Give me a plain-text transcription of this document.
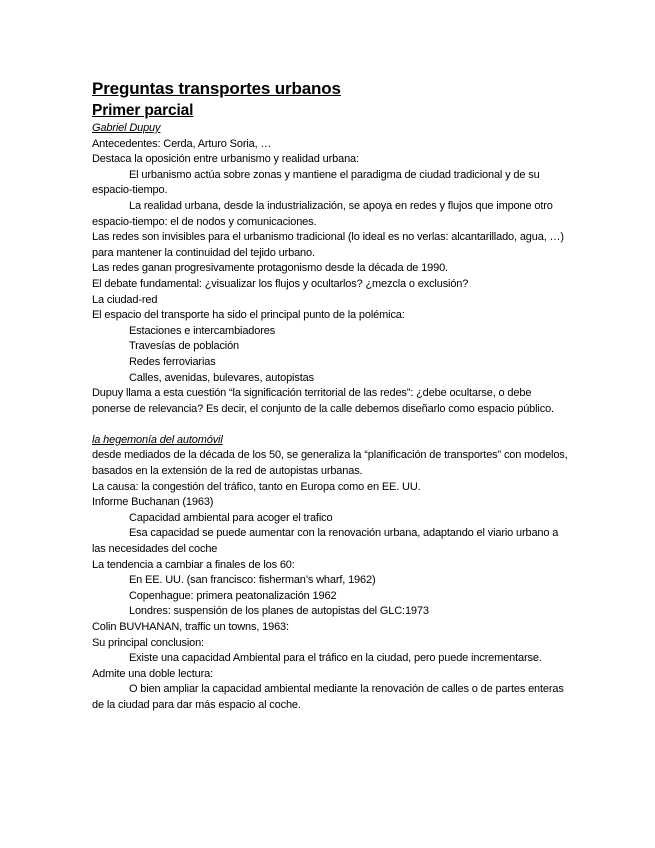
Preguntas transportes urbanos
Primer parcial

Gabriel Dupuy

Antecedentes: Cerda, Arturo Soria, …

Destaca la oposición entre urbanismo y realidad urbana:

El urbanismo actúa sobre zonas y mantiene el paradigma de ciudad tradicional y de su espacio-tiempo.

La realidad urbana, desde la industrialización, se apoya en redes y flujos que impone otro espacio-tiempo: el de nodos y comunicaciones.

Las redes son invisibles para el urbanismo tradicional (lo ideal es no verlas: alcantarillado, agua, …) para mantener la continuidad del tejido urbano.

Las redes ganan progresivamente protagonismo desde la década de 1990.

El debate fundamental: ¿visualizar los flujos y ocultarlos? ¿mezcla o exclusión?

La ciudad-red

El espacio del transporte ha sido el principal punto de la polémica:

Estaciones e intercambiadores

Travesías de población

Redes ferroviarias

Calles, avenidas, bulevares, autopistas

Dupuy llama a esta cuestión “la significación territorial de las redes”: ¿debe ocultarse, o debe ponerse de relevancia? Es decir, el conjunto de la calle debemos diseñarlo como espacio público.

la hegemonía del automóvil

desde mediados de la década de los 50, se generaliza la “planificación de transportes” con modelos, basados en la extensión de la red de autopistas urbanas.

La causa: la congestión del tráfico, tanto en Europa como en EE. UU.

Informe Buchanan (1963)

Capacidad ambiental para acoger el trafico

Esa capacidad se puede aumentar con la renovación urbana, adaptando el viario urbano a las necesidades del coche

La tendencia a cambiar a finales de los 60:

En EE. UU. (san francisco: fisherman’s wharf, 1962)

Copenhague: primera peatonalización 1962

Londres: suspensión de los planes de autopistas del GLC:1973

Colin BUVHANAN, traffic un towns, 1963:

Su principal conclusion:

Existe una capacidad Ambiental para el tráfico en la ciudad, pero puede incrementarse.

Admite una doble lectura:

O bien ampliar la capacidad ambiental mediante la renovación de calles o de partes enteras de la ciudad para dar más espacio al coche.
